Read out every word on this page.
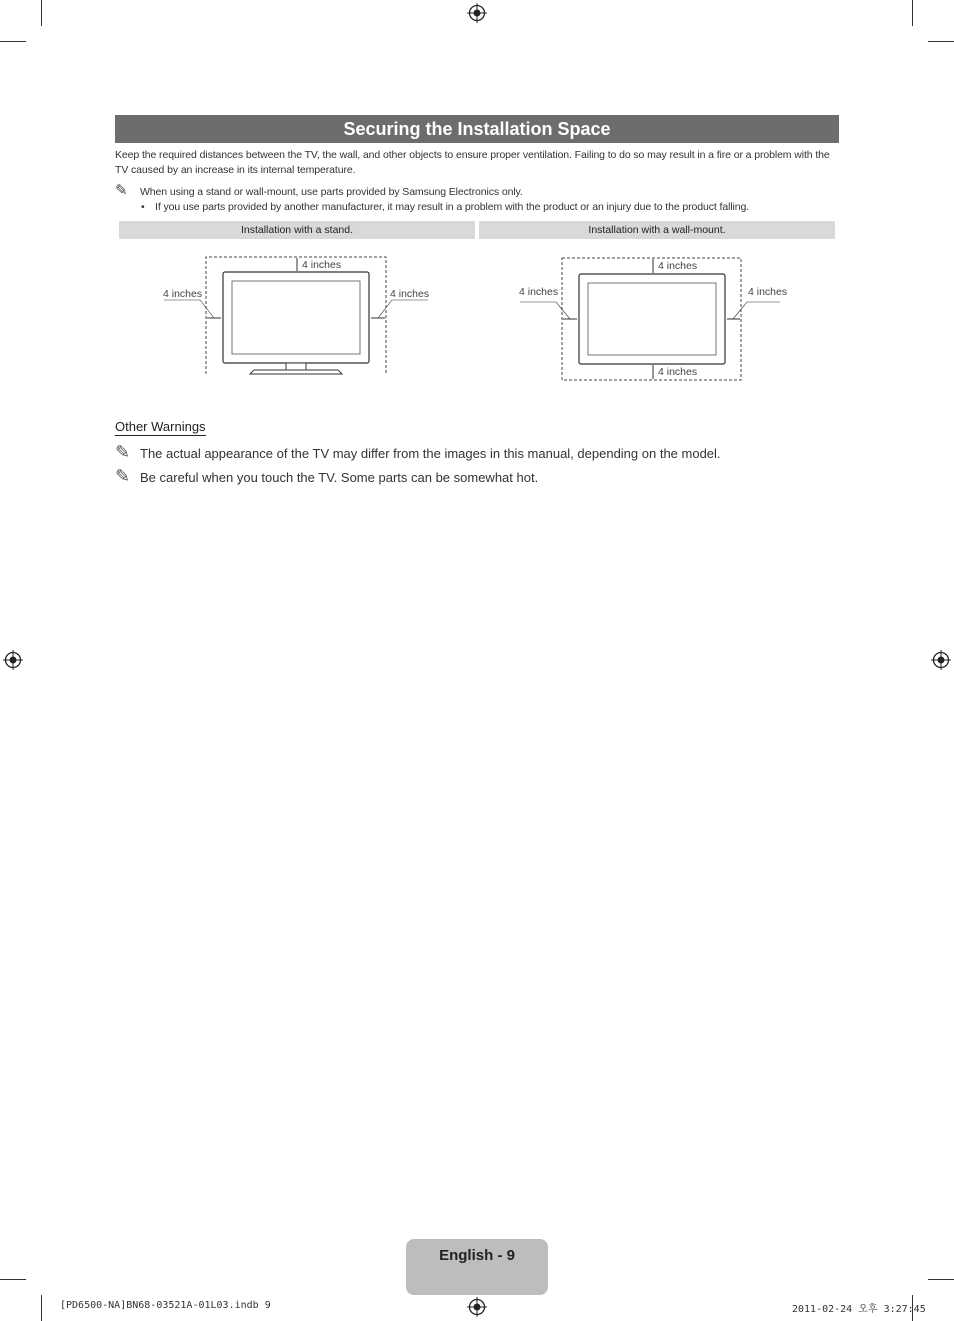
Securing the Installation Space
Keep the required distances between the TV, the wall, and other objects to ensure proper ventilation. Failing to do so may result in a fire or a problem with the TV caused by an increase in its internal temperature.
✎ When using a stand or wall-mount, use parts provided by Samsung Electronics only.
• If you use parts provided by another manufacturer, it may result in a problem with the product or an injury due to the product falling.
Installation with a stand.	Installation with a wall-mount.
4 inches
4 inches	4 inches
4 inches
4 inches
4 inches	4 inches
Other Warnings
✎ The actual appearance of the TV may differ from the images in this manual, depending on the model.
✎ Be careful when you touch the TV. Some parts can be somewhat hot.
English - 9
[PD6500-NA]BN68-03521A-01L03.indb 9	2011-02-24 오후 3:27:45
